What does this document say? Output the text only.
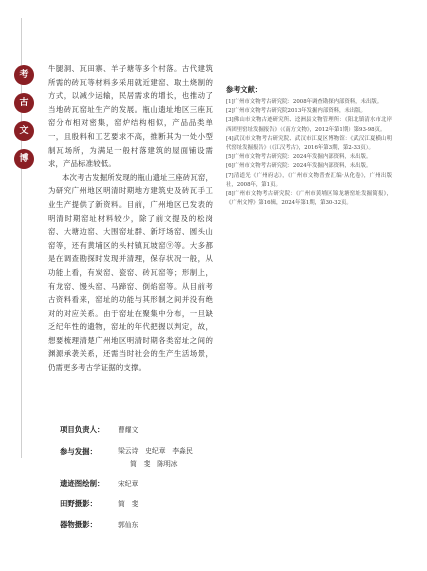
考
古
文
博

牛腿洞、瓦田寨、羊子塘等多个村落。古代建筑所需的砖瓦等材料多采用就近建窑、取土烧制的方式，以减少运输，民居需求的增长，也推动了当地砖瓦窑址生产的发展。瓶山遗址地区三座瓦窑分布相对密集，窑炉结构相似，产品品类单一，且殷料和工艺要求不高，推断其为一处小型制瓦场所，为满足一般村落建筑的屋面铺设需求，产品标准较低。

本次考古发掘所发现的瓶山遗址三座砖瓦窑，为研究广州地区明清时期地方建筑史及砖瓦手工业生产提供了新资料。目前，广州地区已发表的明清时期窑址材料较少，除了前文提及的松岗窑、大塘边窑、大围窑址群、新圩场窑、圆头山窑等，还有黄埔区的头村镇瓦坡窑⑨等。大多都是在调查勘探时发现并清理，保存状况一般，从功能上看，有炭窑、瓷窑、砖瓦窑等；形制上，有龙窑、馒头窑、马蹄窑、倒焰窑等。从目前考古资料看来，窑址的功能与其形制之间并没有绝对的对应关系。由于窑址在聚集中分布，一旦缺乏纪年性的遗物，窑址的年代把握以判定，故，想要梳理清楚广州地区明清时期各类窑址之间的渊源承袭关系，还需当时社会的生产生活场景，仍需更多考古学证据的支撑。

参考文献：

[1]广州市文物考古研究院：2008年调查勘探内部资料，未出版。

[2]广州市文物考古研究院2013年发掘内部资料，未出版。

[3]佛山市文物古迹研究所、迳洲县文物管理所：《阳北镇清水市北岸西团里窑址发掘报告》（《南方文物》，2012年第1期）第93-98页。

[4]武汉市文物考古研究院、武汉市江夏区博物馆：《武汉江夏横山明代窑址发掘报告》（《江汉考古》，2016年第3期，第2-33页）。

[5]广州市文物考古研究院：2024年发掘内部资料，未出版。

[6]广州市文物考古研究院：2024年发掘内部资料，未出版。

[7]清道光《广州府志》，《广州市文物普查汇编·从化卷》，广州出版社，2008年，第1页。

[8]广州市文物考古研究院：《广州市黄埔区锦龙塘窑址发掘简报》，《广州文博》第16辑，2024年第1期，第30-32页。

项目负责人：	曹耀文
参与发掘：	梁云诗　史纪章　李淼民
简　斐　陈明冰
遗迹图绘制：	宋纪章
田野摄影：	简　斐
器物摄影：	郭仙东
